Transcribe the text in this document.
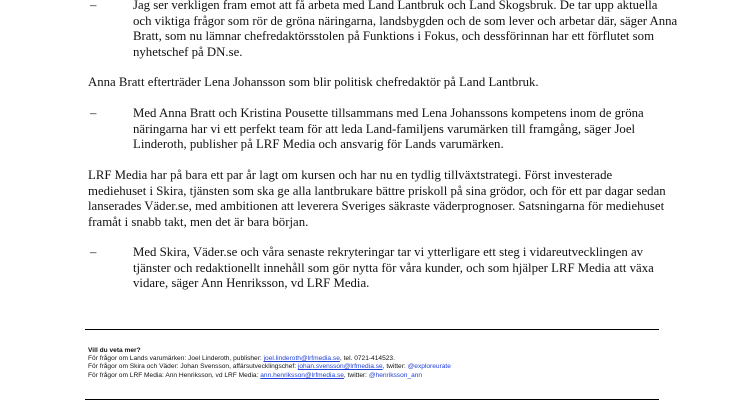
–	Jag ser verkligen fram emot att få arbeta med Land Lantbruk och Land Skogsbruk. De tar upp aktuella och viktiga frågor som rör de gröna näringarna, landsbygden och de som lever och arbetar där, säger Anna Bratt, som nu lämnar chefredaktörsstolen på Funktions i Fokus, och dessförinnan har ett förflutet som nyhetschef på DN.se.
Anna Bratt efterträder Lena Johansson som blir politisk chefredaktör på Land Lantbruk.
–	Med Anna Bratt och Kristina Pousette tillsammans med Lena Johanssons kompetens inom de gröna näringarna har vi ett perfekt team för att leda Land-familjens varumärken till framgång, säger Joel Linderoth, publisher på LRF Media och ansvarig för Lands varumärken.
LRF Media har på bara ett par år lagt om kursen och har nu en tydlig tillväxtstrategi. Först investerade mediehuset i Skira, tjänsten som ska ge alla lantbrukare bättre priskoll på sina grödor, och för ett par dagar sedan lanserades Väder.se, med ambitionen att leverera Sveriges säkraste väderprognoser. Satsningarna för mediehuset framåt i snabb takt, men det är bara början.
–	Med Skira, Väder.se och våra senaste rekryteringar tar vi ytterligare ett steg i vidareutvecklingen av tjänster och redaktionellt innehåll som gör nytta för våra kunder, och som hjälper LRF Media att växa vidare, säger Ann Henriksson, vd LRF Media.
Vill du veta mer?
För frågor om Lands varumärken: Joel Linderoth, publisher: joel.linderoth@lrfmedia.se, tel. 0721-414523.
För frågor om Skira och Väder: Johan Svensson, affärsutvecklingschef: johan.svensson@lrfmedia.se, twitter: @exploreurate
För frågor om LRF Media: Ann Henriksson, vd LRF Media: ann.henriksson@lrfmedia.se, twitter: @henriksson_ann
